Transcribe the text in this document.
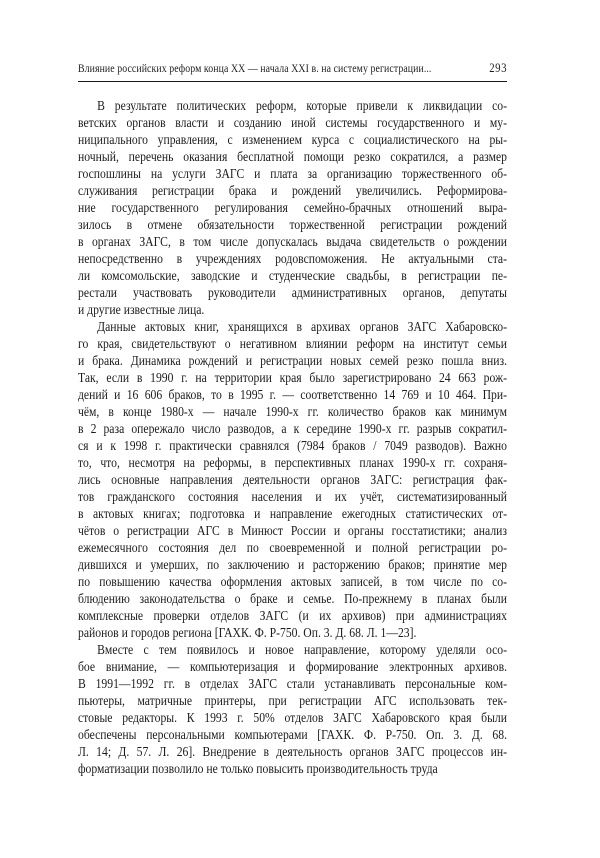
Влияние российских реформ конца XX — начала XXI в. на систему регистрации...	293
В результате политических реформ, которые привели к ликвидации со-
ветских органов власти и созданию иной системы государственного и му-
ниципального управления, с изменением курса с социалистического на ры-
ночный, перечень оказания бесплатной помощи резко сократился, а размер
госпошлины на услуги ЗАГС и плата за организацию торжественного об-
служивания регистрации брака и рождений увеличились. Реформирова-
ние государственного регулирования семейно-брачных отношений выра-
зилось в отмене обязательности торжественной регистрации рождений
в органах ЗАГС, в том числе допускалась выдача свидетельств о рождении
непосредственно в учреждениях родовспоможения. Не актуальными ста-
ли комсомольские, заводские и студенческие свадьбы, в регистрации пе-
рестали участвовать руководители административных органов, депутаты
и другие известные лица.
Данные актовых книг, хранящихся в архивах органов ЗАГС Хабаровско-
го края, свидетельствуют о негативном влиянии реформ на институт семьи
и брака. Динамика рождений и регистрации новых семей резко пошла вниз.
Так, если в 1990 г. на территории края было зарегистрировано 24 663 рож-
дений и 16 606 браков, то в 1995 г. — соответственно 14 769 и 10 464. При-
чём, в конце 1980-х — начале 1990-х гг. количество браков как минимум
в 2 раза опережало число разводов, а к середине 1990-х гг. разрыв сократил-
ся и к 1998 г. практически сравнялся (7984 браков / 7049 разводов). Важно
то, что, несмотря на реформы, в перспективных планах 1990-х гг. сохраня-
лись основные направления деятельности органов ЗАГС: регистрация фак-
тов гражданского состояния населения и их учёт, систематизированный
в актовых книгах; подготовка и направление ежегодных статистических от-
чётов о регистрации АГС в Минюст России и органы госстатистики; анализ
ежемесячного состояния дел по своевременной и полной регистрации ро-
дившихся и умерших, по заключению и расторжению браков; принятие мер
по повышению качества оформления актовых записей, в том числе по со-
блюдению законодательства о браке и семье. По-прежнему в планах были
комплексные проверки отделов ЗАГС (и их архивов) при администрациях
районов и городов региона [ГАХК. Ф. Р-750. Оп. 3. Д. 68. Л. 1—23].
Вместе с тем появилось и новое направление, которому уделяли осо-
бое внимание, — компьютеризация и формирование электронных архивов.
В 1991—1992 гг. в отделах ЗАГС стали устанавливать персональные ком-
пьютеры, матричные принтеры, при регистрации АГС использовать тек-
стовые редакторы. К 1993 г. 50% отделов ЗАГС Хабаровского края были
обеспечены персональными компьютерами [ГАХК. Ф. Р-750. Оп. 3. Д. 68.
Л. 14; Д. 57. Л. 26]. Внедрение в деятельность органов ЗАГС процессов ин-
форматизации позволило не только повысить производительность труда
